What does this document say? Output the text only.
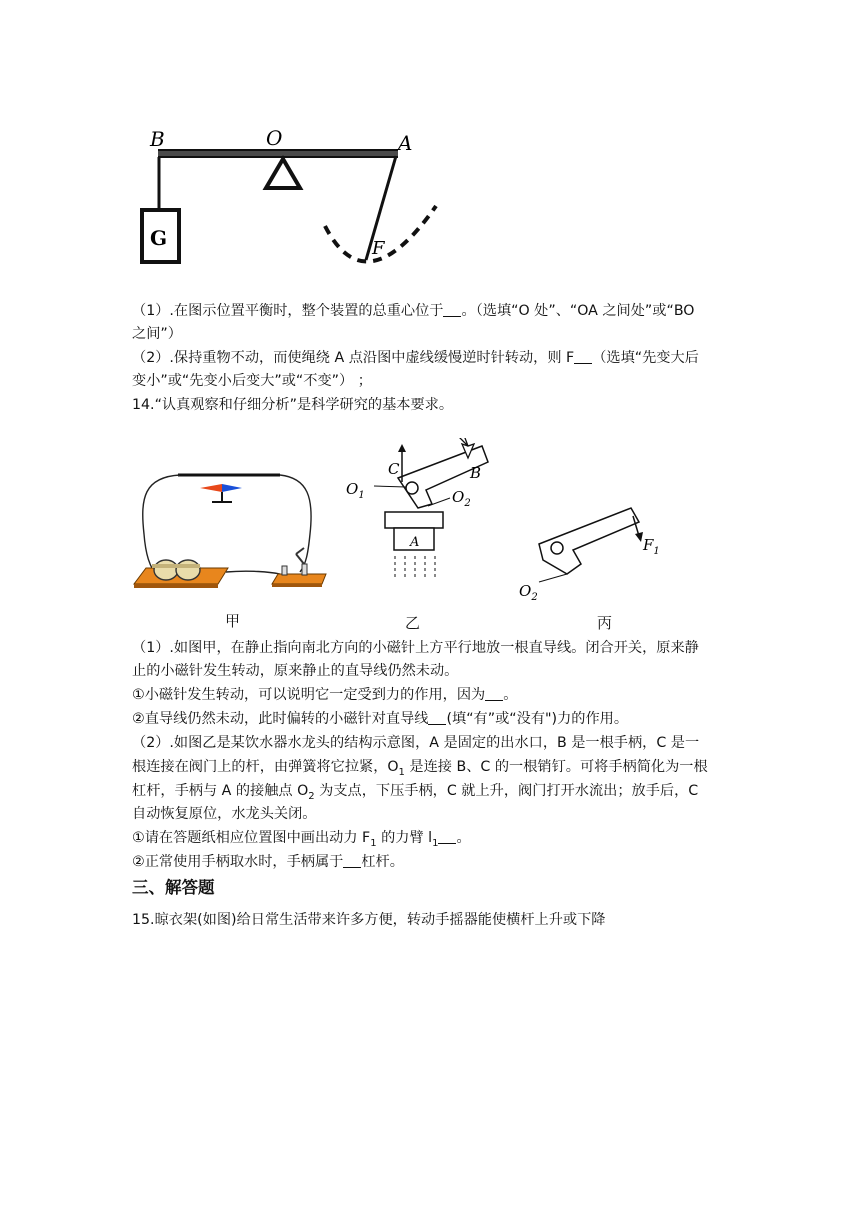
B	O	A
G	F
（1）.在图示位置平衡时，整个装置的总重心位于 。（选填“O 处”、“OA 之间处”或“BO
之间”）
（2）.保持重物不动，而使绳绕 A 点沿图中虚线缓慢逆时针转动，则 F （选填“先变大后
变小”或“先变小后变大”或“不变”） ；
14.“认真观察和仔细分析”是科学研究的基本要求。
C	B
$O_1$	$O_2$
A	$F_1$
$O_2$
甲	乙	丙
（1）.如图甲，在静止指向南北方向的小磁针上方平行地放一根直导线。闭合开关，原来静
止的小磁针发生转动，原来静止的直导线仍然未动。
①小磁针发生转动，可以说明它一定受到力的作用，因为 。
②直导线仍然未动，此时偏转的小磁针对直导线 (填“有”或“没有")力的作用。
（2）.如图乙是某饮水器水龙头的结构示意图，A 是固定的出水口，B 是一根手柄，C 是一
根连接在阀门上的杆，由弹簧将它拉紧，$O_1$ 是连接 B、C 的一根销钉。可将手柄简化为一根
杠杆，手柄与 A 的接触点 $O_2$ 为支点，下压手柄，C 就上升，阀门打开水流出；放手后，C
自动恢复原位，水龙头关闭。
①请在答题纸相应位置图中画出动力 $F_1$ 的力臂 $l_1$ 。
②正常使用手柄取水时，手柄属于 杠杆。
三、解答题
15.晾衣架(如图)给日常生活带来许多方便，转动手摇器能使横杆上升或下降
